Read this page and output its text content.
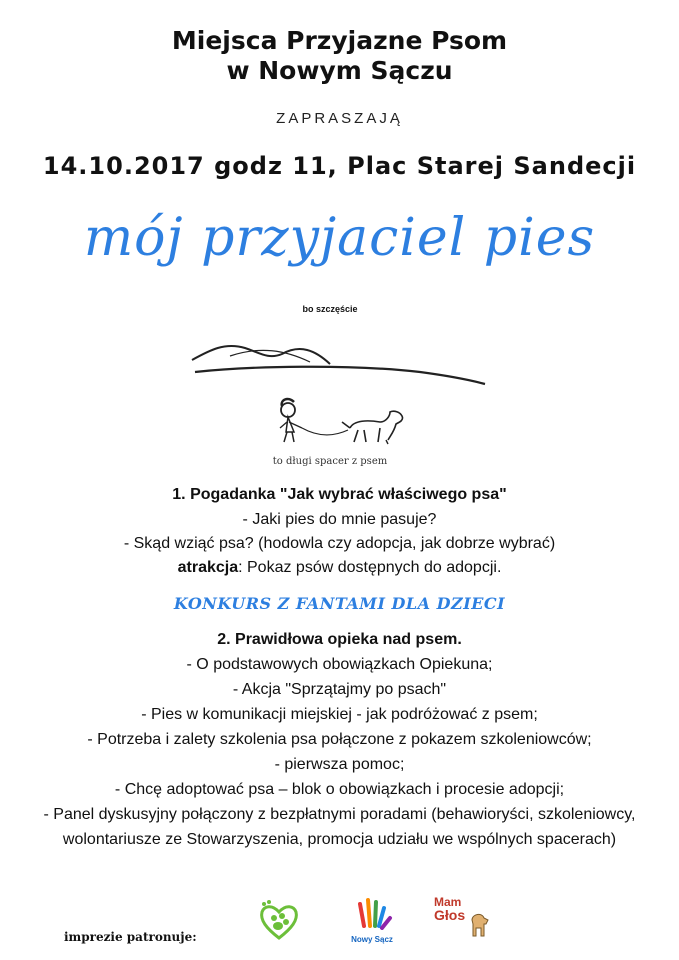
Miejsca Przyjazne Psom
w Nowym Sączu
ZAPRASZAJĄ
14.10.2017 godz 11, Plac Starej Sandecji
mój przyjaciel pies
bo szczęście
to długi spacer z psem
1. Pogadanka "Jak wybrać właściwego psa"
- Jaki pies do mnie pasuje?
- Skąd wziąć psa? (hodowla czy adopcja, jak dobrze wybrać)
atrakcja: Pokaz psów dostępnych do adopcji.
KONKURS Z FANTAMI DLA DZIECI
2. Prawidłowa opieka nad psem.
- O podstawowych obowiązkach Opiekuna;
- Akcja "Sprzątajmy po psach"
- Pies w komunikacji miejskiej - jak podróżować z psem;
- Potrzeba i zalety szkolenia psa połączone z pokazem szkoleniowców;
- pierwsza pomoc;
- Chcę adoptować psa – blok o obowiązkach i procesie adopcji;
- Panel dyskusyjny połączony z bezpłatnymi poradami (behawioryści, szkoleniowcy,
wolontariusze ze Stowarzyszenia, promocja udziału we wspólnych spacerach)
imprezie patronuje:	Nowy Sącz
Mam
Głos
